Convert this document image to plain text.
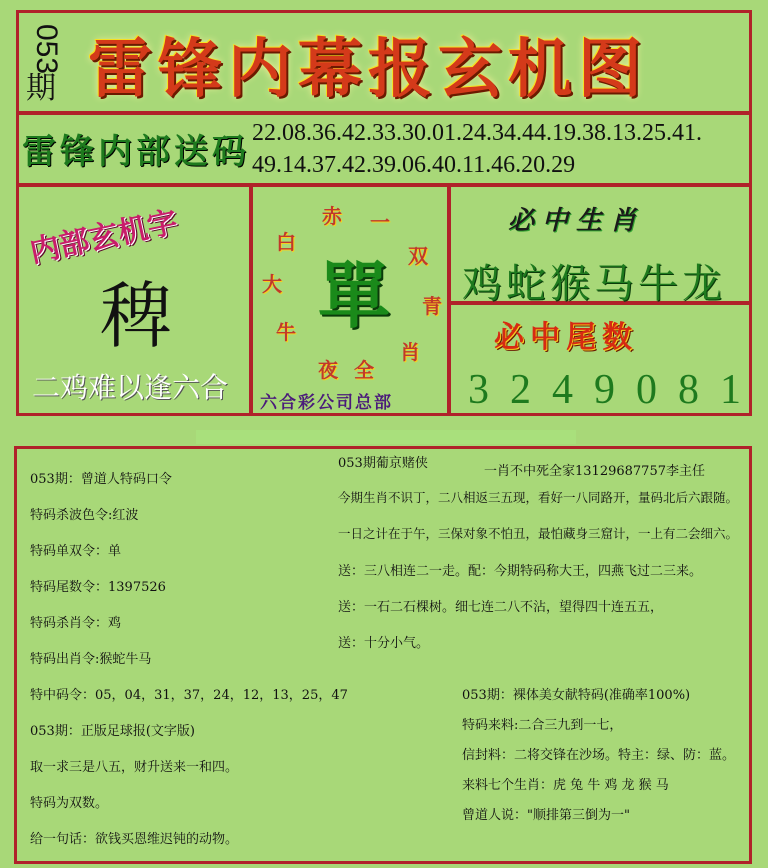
053
期 雷锋内幕报玄机图
雷锋内部送码 22.08.36.42.33.30.01.24.34.44.19.38.13.25.41.
49.14.37.42.39.06.40.11.46.20.29
内部玄机字
稗
二鸡难以逢六合
白
赤 一
双
青
肖
全
夜
牛
大 單
六合彩公司总部
必中生肖
鸡蛇猴马牛龙
必中尾数
3249081
053期：曾道人特码口令
特码杀波色令:红波
特码单双令：单
特码尾数令：1397526
特码杀肖令：鸡
特码出肖令:猴蛇牛马
特中码令：05，04，31，37，24，12，13，25，47
053期：正版足球报(文字版)
取一求三是八五，财升送来一和四。
特码为双数。
给一句话：欲钱买恩维迟钝的动物。
053期葡京赌侠
一肖不中死全家13129687757李主任
今期生肖不识丁，二八相返三五现，看好一八同路开，量码北后六跟随。
一日之计在于午，三保对象不怕丑，最怕藏身三窟计，一上有二会细六。
送：三八相连二一走。配：今期特码称大王，四燕飞过二三来。
送：一石二石棵树。细七连二八不沾，望得四十连五五，
送：十分小气。
053期：裸体美女献特码(准确率100%)
特码来料:二合三九到一七，
信封料：二将交锋在沙场。特主：绿、防：蓝。
来料七个生肖：虎 兔 牛 鸡 龙 猴 马
曾道人说："顺排第三倒为一"
